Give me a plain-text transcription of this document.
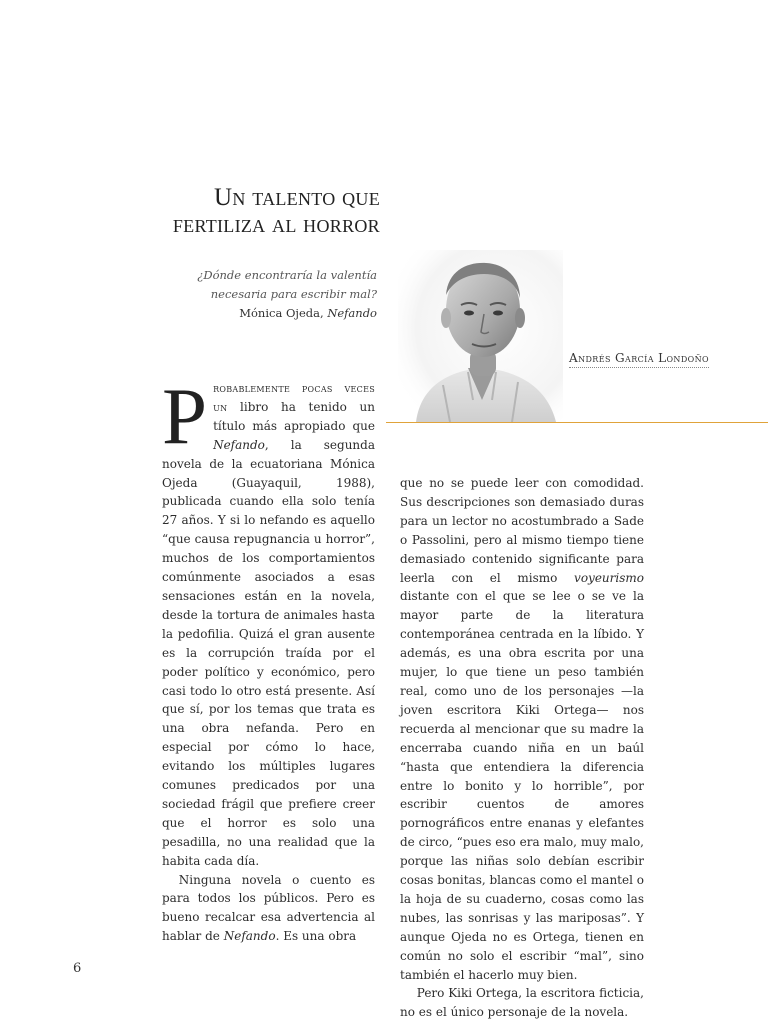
Un talento que
fertiliza al horror
¿Dónde encontraría la valentía
necesaria para escribir mal?
Mónica Ojeda, Nefando
Andrés García Londoño

Probablemente pocas veces un libro ha tenido un título más apropiado que Nefando, la segunda novela de la ecuatoriana Mónica Ojeda (Guayaquil, 1988), publicada cuando ella solo tenía 27 años. Y si lo nefando es aquello “que causa repugnancia u horror”, muchos de los comportamientos comúnmente asociados a esas sensaciones están en la novela, desde la tortura de animales hasta la pedofilia. Quizá el gran ausente es la corrupción traída por el poder político y económico, pero casi todo lo otro está presente. Así que sí, por los temas que trata es una obra nefanda. Pero en especial por cómo lo hace, evitando los múltiples lugares comunes predicados por una sociedad frágil que prefiere creer que el horror es solo una pesadilla, no una realidad que la habita cada día.

Ninguna novela o cuento es para todos los públicos. Pero es bueno recalcar esa advertencia al hablar de Nefando. Es una obra

que no se puede leer con comodidad. Sus descripciones son demasiado duras para un lector no acostumbrado a Sade o Passolini, pero al mismo tiempo tiene demasiado contenido significante para leerla con el mismo voyeurismo distante con el que se lee o se ve la mayor parte de la literatura contemporánea centrada en la líbido. Y además, es una obra escrita por una mujer, lo que tiene un peso también real, como uno de los personajes —la joven escritora Kiki Ortega— nos recuerda al mencionar que su madre la encerraba cuando niña en un baúl “hasta que entendiera la diferencia entre lo bonito y lo horrible”, por escribir cuentos de amores pornográficos entre enanas y elefantes de circo, “pues eso era malo, muy malo, porque las niñas solo debían escribir cosas bonitas, blancas como el mantel o la hoja de su cuaderno, cosas como las nubes, las sonrisas y las mariposas”. Y aunque Ojeda no es Ortega, tienen en común no solo el escribir “mal”, sino también el hacerlo muy bien.

Pero Kiki Ortega, la escritora ficticia, no es el único personaje de la novela.

6
